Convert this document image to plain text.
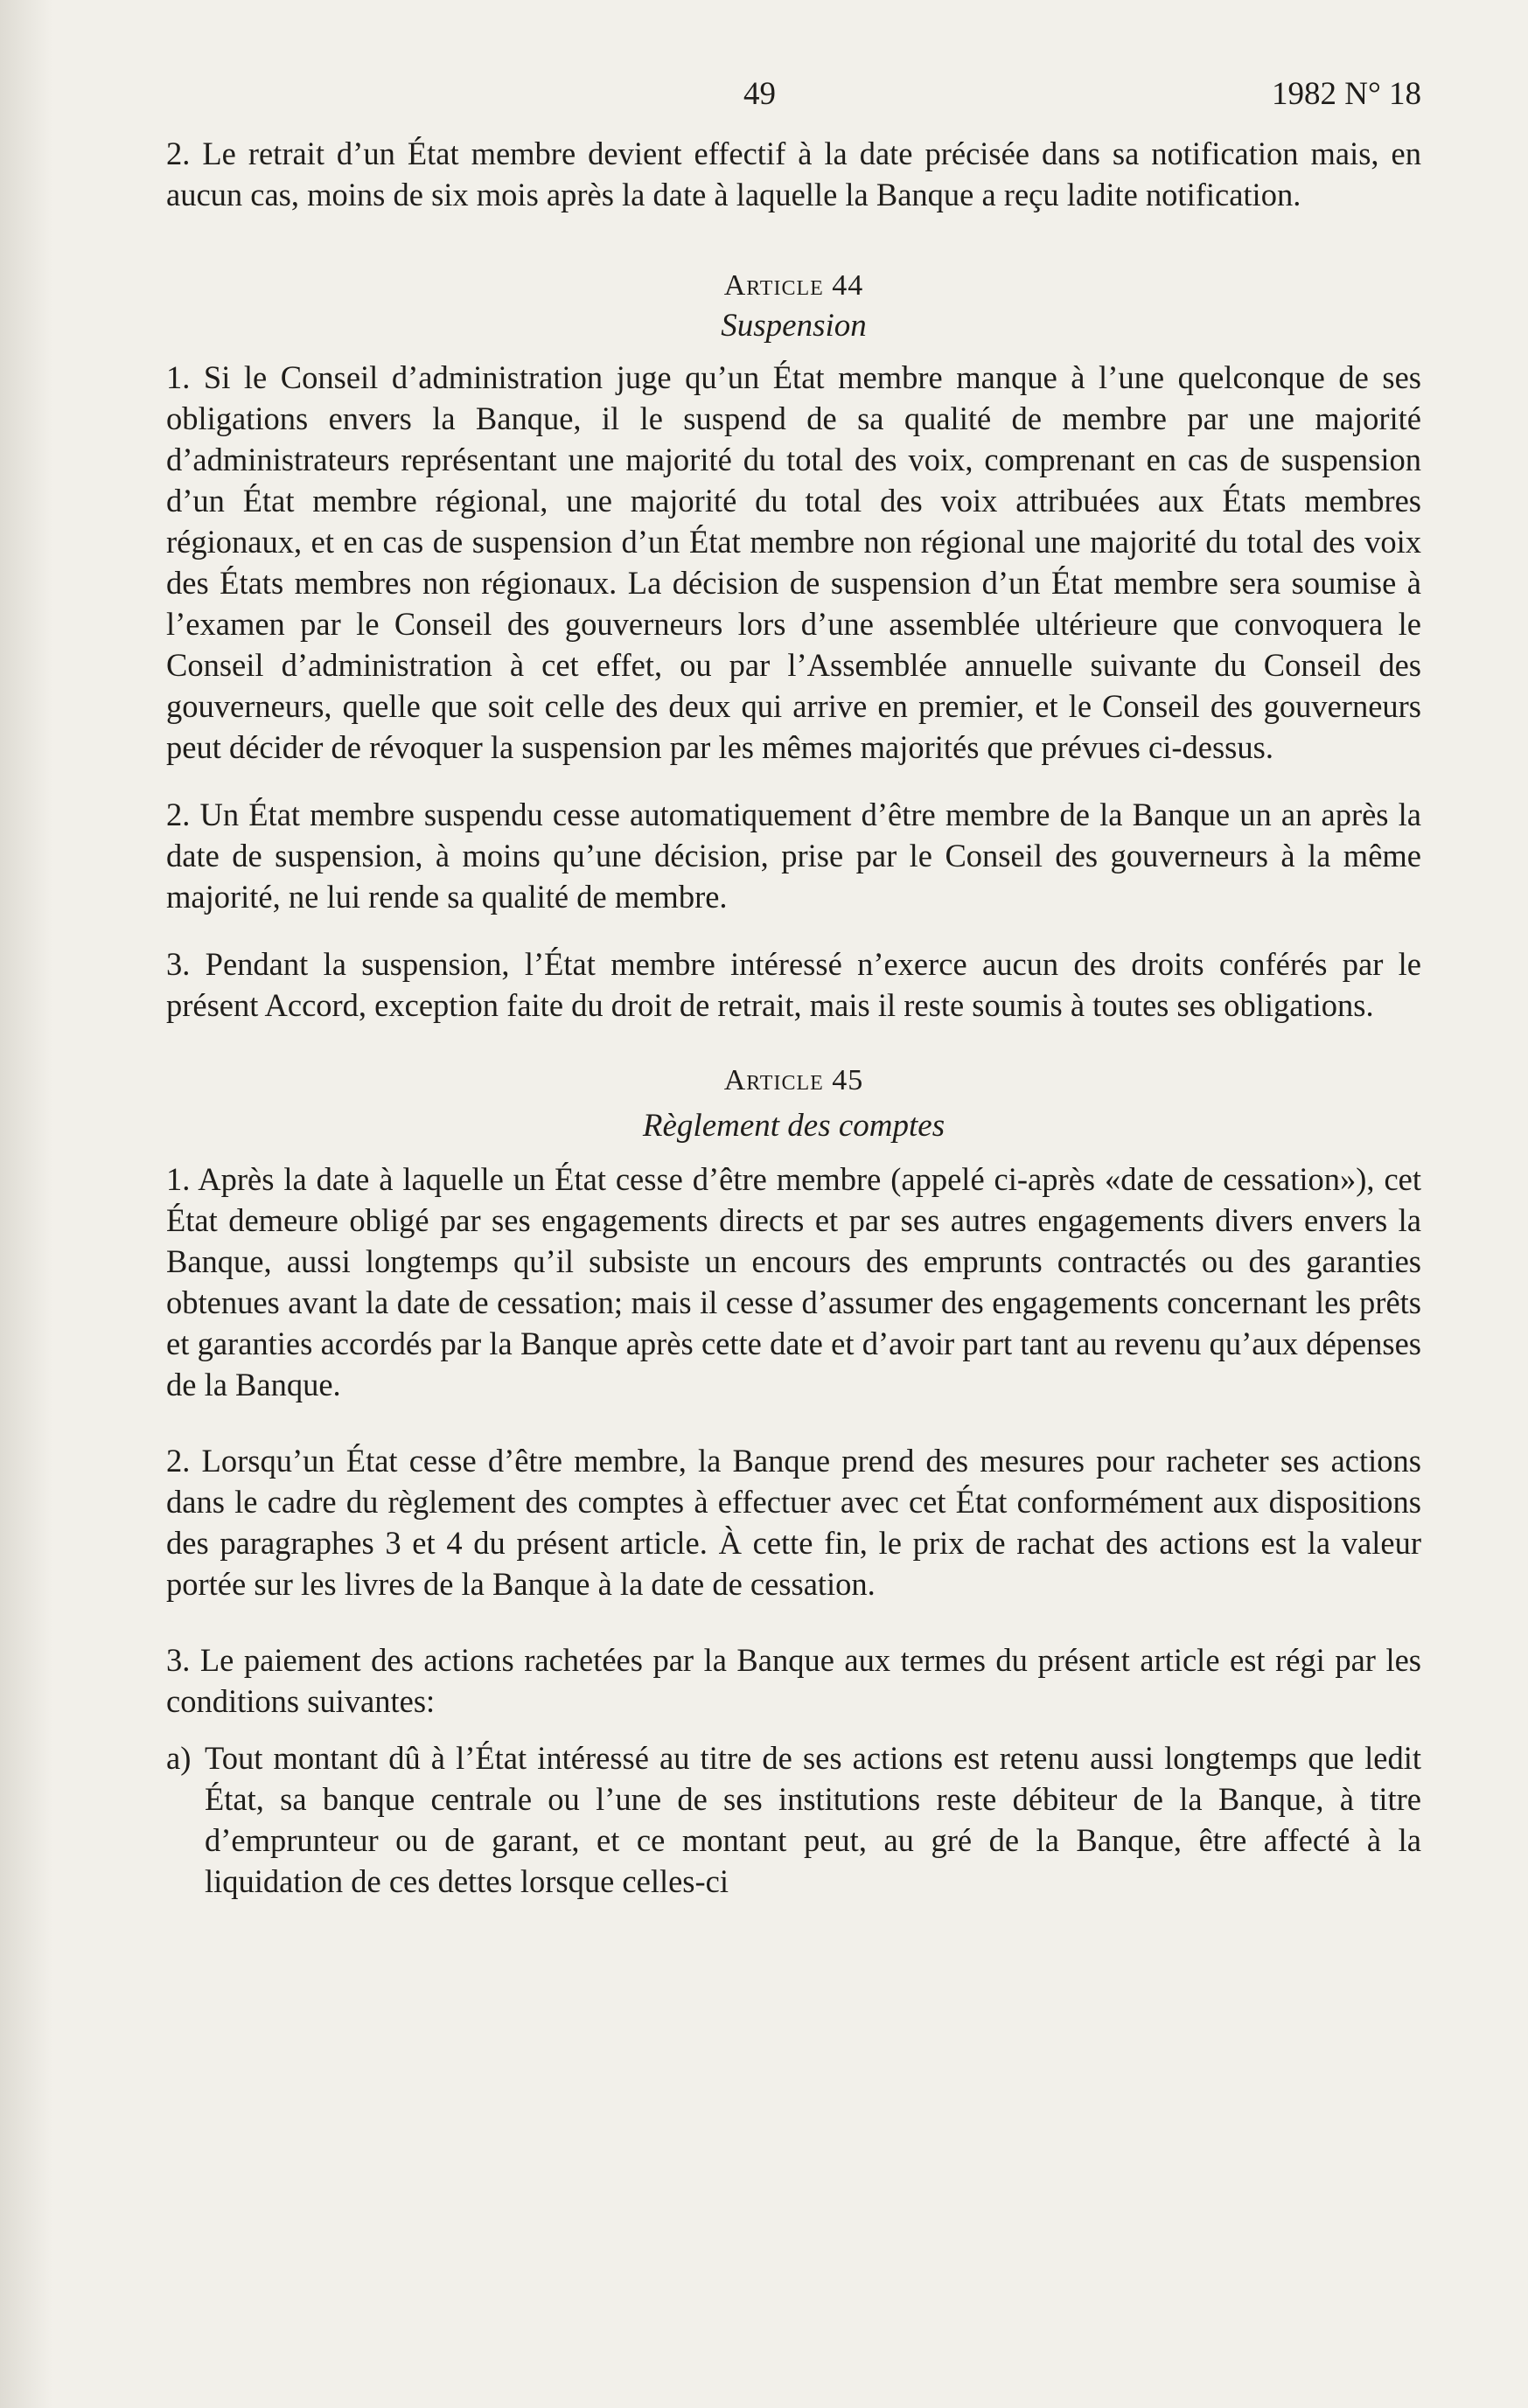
49	1982 N° 18

2. Le retrait d’un État membre devient effectif à la date précisée dans sa notification mais, en aucun cas, moins de six mois après la date à laquelle la Banque a reçu ladite notification.

Article 44
Suspension

1. Si le Conseil d’administration juge qu’un État membre manque à l’une quelconque de ses obligations envers la Banque, il le suspend de sa qualité de membre par une majorité d’administrateurs représentant une majorité du total des voix, comprenant en cas de suspension d’un État membre régional, une majorité du total des voix attribuées aux États membres régionaux, et en cas de suspension d’un État membre non régional une majorité du total des voix des États membres non régionaux. La décision de suspension d’un État membre sera soumise à l’examen par le Conseil des gouverneurs lors d’une assemblée ultérieure que convoquera le Conseil d’administration à cet effet, ou par l’Assemblée annuelle suivante du Conseil des gouverneurs, quelle que soit celle des deux qui arrive en premier, et le Conseil des gouverneurs peut décider de révoquer la suspension par les mêmes majorités que prévues ci-dessus.

2. Un État membre suspendu cesse automatiquement d’être membre de la Banque un an après la date de suspension, à moins qu’une décision, prise par le Conseil des gouverneurs à la même majorité, ne lui rende sa qualité de membre.

3. Pendant la suspension, l’État membre intéressé n’exerce aucun des droits conférés par le présent Accord, exception faite du droit de retrait, mais il reste soumis à toutes ses obligations.

Article 45
Règlement des comptes

1. Après la date à laquelle un État cesse d’être membre (appelé ci-après «date de cessation»), cet État demeure obligé par ses engagements directs et par ses autres engagements divers envers la Banque, aussi longtemps qu’il subsiste un encours des emprunts contractés ou des garanties obtenues avant la date de cessation; mais il cesse d’assumer des engagements concernant les prêts et garanties accordés par la Banque après cette date et d’avoir part tant au revenu qu’aux dépenses de la Banque.

2. Lorsqu’un État cesse d’être membre, la Banque prend des mesures pour racheter ses actions dans le cadre du règlement des comptes à effectuer avec cet État conformément aux dispositions des paragraphes 3 et 4 du présent article. À cette fin, le prix de rachat des actions est la valeur portée sur les livres de la Banque à la date de cessation.

3. Le paiement des actions rachetées par la Banque aux termes du présent article est régi par les conditions suivantes:

a) Tout montant dû à l’État intéressé au titre de ses actions est retenu aussi longtemps que ledit État, sa banque centrale ou l’une de ses institutions reste débiteur de la Banque, à titre d’emprunteur ou de garant, et ce montant peut, au gré de la Banque, être affecté à la liquidation de ces dettes lorsque celles-ci
